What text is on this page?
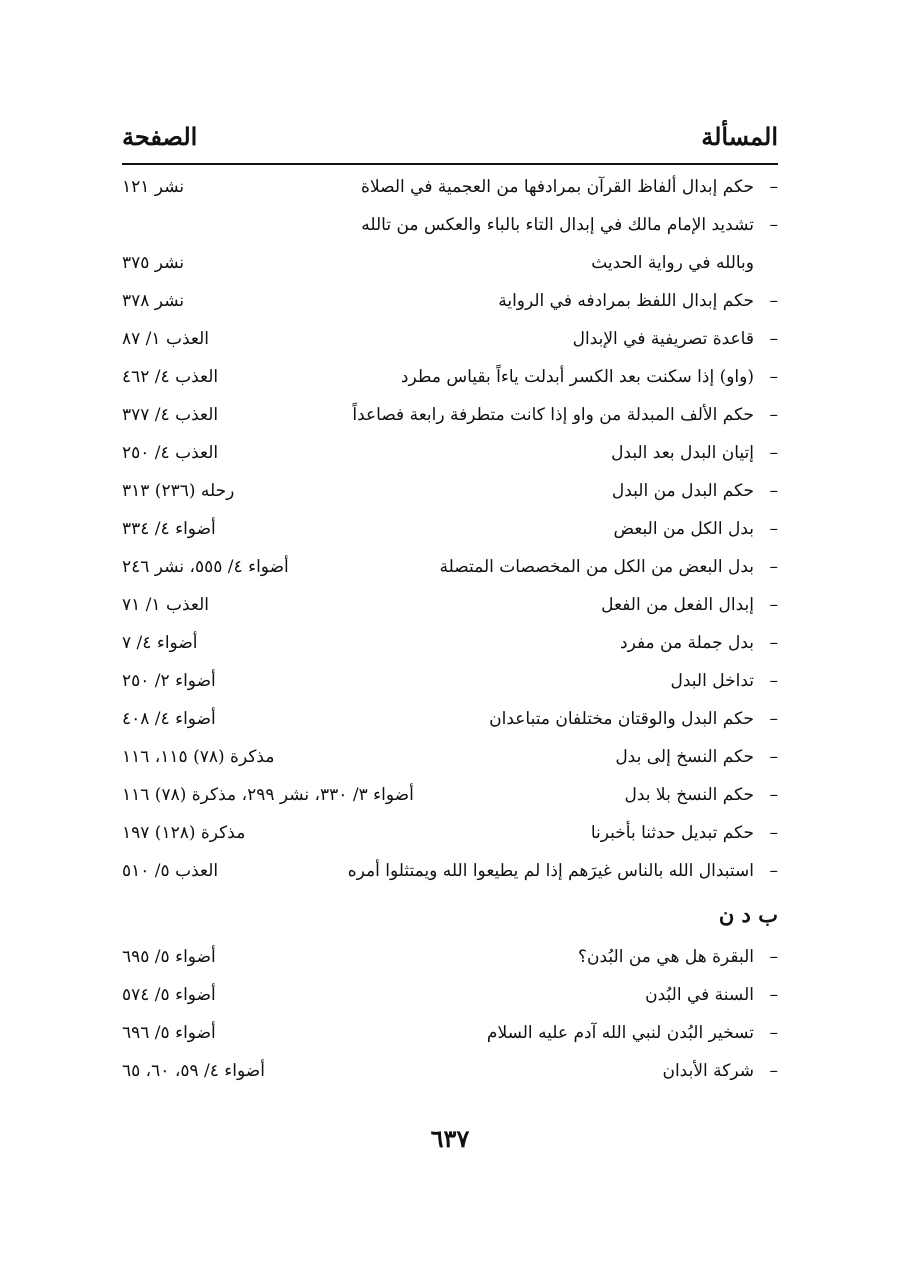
المسألة
الصفحة
–
حكم إبدال ألفاظ القرآن بمرادفها من العجمية في الصلاة
نشر ١٢١
–
تشديد الإمام مالك في إبدال التاء بالباء والعكس من تالله
وبالله في رواية الحديث
نشر ٣٧٥
–
حكم إبدال اللفظ بمرادفه في الرواية
نشر ٣٧٨
–
قاعدة تصريفية في الإبدال
العذب ١/ ٨٧
–
(واو) إذا سكنت بعد الكسر أبدلت ياءاً بقياس مطرد
العذب ٤/ ٤٦٢
–
حكم الألف المبدلة من واو إذا كانت متطرفة رابعة فصاعداً
العذب ٤/ ٣٧٧
–
إتيان البدل بعد البدل
العذب ٤/ ٢٥٠
–
حكم البدل من البدل
رحله (٢٣٦) ٣١٣
–
بدل الكل من البعض
أضواء ٤/ ٣٣٤
–
بدل البعض من الكل من المخصصات المتصلة
أضواء ٤/ ٥٥٥، نشر ٢٤٦
–
إبدال الفعل من الفعل
العذب ١/ ٧١
–
بدل جملة من مفرد
أضواء ٤/ ٧
–
تداخل البدل
أضواء ٢/ ٢٥٠
–
حكم البدل والوقتان مختلفان متباعدان
أضواء ٤/ ٤٠٨
–
حكم النسخ إلى بدل
مذكرة (٧٨) ١١٥، ١١٦
–
حكم النسخ بلا بدل
أضواء ٣/ ٣٣٠، نشر ٢٩٩، مذكرة (٧٨) ١١٦
–
حكم تبديل حدثنا بأخبرنا
مذكرة (١٢٨) ١٩٧
–
استبدال الله بالناس غيرَهم إذا لم يطيعوا الله ويمتثلوا أمره
العذب ٥/ ٥١٠
ب د ن
–
البقرة هل هي من البُدن؟
أضواء ٥/ ٦٩٥
–
السنة في البُدن
أضواء ٥/ ٥٧٤
–
تسخير البُدن لنبي الله آدم عليه السلام
أضواء ٥/ ٦٩٦
–
شركة الأبدان
أضواء ٤/ ٥٩، ٦٠، ٦٥
٦٣٧
